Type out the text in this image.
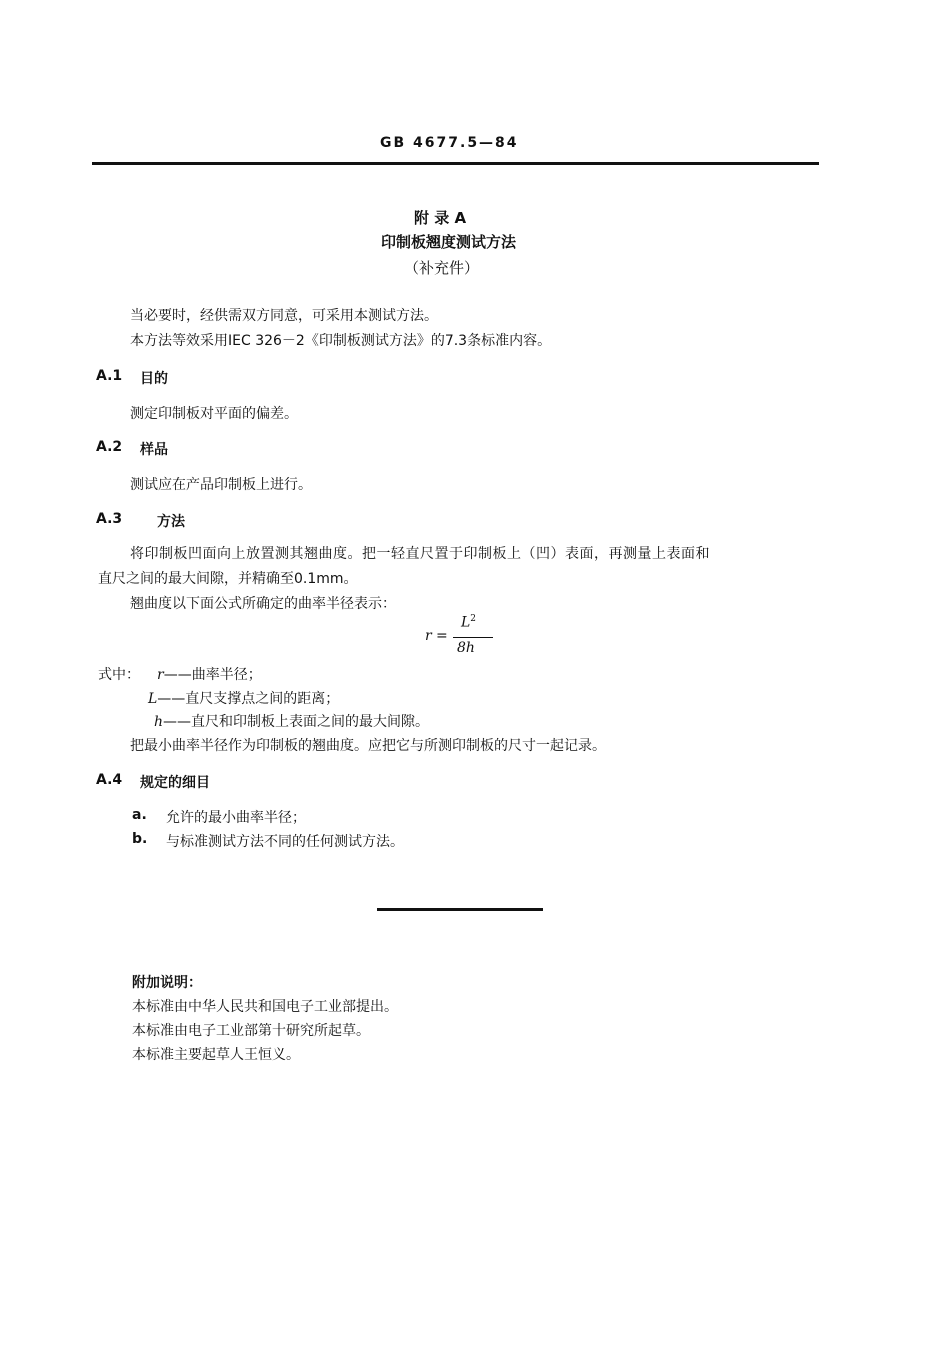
GB 4677.5—84
附 录 A
印制板翘度测试方法
（补充件）
当必要时，经供需双方同意，可采用本测试方法。
本方法等效采用IEC 326－2《印制板测试方法》的7.3条标准内容。
A.1 目的
测定印制板对平面的偏差。
A.2 样品
测试应在产品印制板上进行。
A.3 方法
将印制板凹面向上放置测其翘曲度。把一轻直尺置于印制板上（凹）表面，再测量上表面和
直尺之间的最大间隙，并精确至0.1mm。
翘曲度以下面公式所确定的曲率半径表示：
r =
$L^2$
8h
式中： r——曲率半径；
L——直尺支撑点之间的距离；
h——直尺和印制板上表面之间的最大间隙。
把最小曲率半径作为印制板的翘曲度。应把它与所测印制板的尺寸一起记录。
A.4 规定的细目
a. 允许的最小曲率半径；
b. 与标准测试方法不同的任何测试方法。
附加说明：
本标准由中华人民共和国电子工业部提出。
本标准由电子工业部第十研究所起草。
本标准主要起草人王恒义。
